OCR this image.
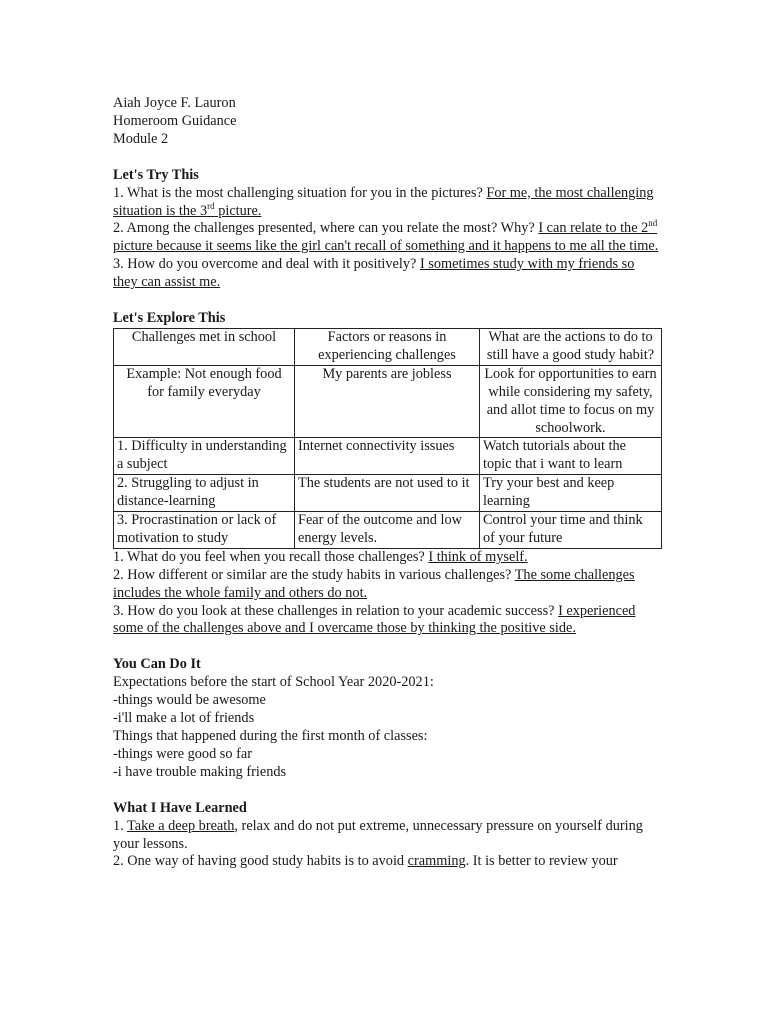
Aiah Joyce F. Lauron

Homeroom Guidance

Module 2

Let's Try This

1. What is the most challenging situation for you in the pictures? For me, the most challenging situation is the 3rd picture.

2. Among the challenges presented, where can you relate the most? Why? I can relate to the 2nd picture because it seems like the girl can't recall of something and it happens to me all the time.

3. How do you overcome and deal with it positively? I sometimes study with my friends so they can assist me.

Let's Explore This

Challenges met in school	Factors or reasons in experiencing challenges	What are the actions to do to still have a good study habit?
Example: Not enough food for family everyday	My parents are jobless	Look for opportunities to earn while considering my safety, and allot time to focus on my schoolwork.
1. Difficulty in understanding a subject	Internet connectivity issues	Watch tutorials about the topic that i want to learn
2. Struggling to adjust in distance-learning	The students are not used to it	Try your best and keep learning
3. Procrastination or lack of motivation to study	Fear of the outcome and low energy levels.	Control your time and think of your future

1. What do you feel when you recall those challenges? I think of myself.

2. How different or similar are the study habits in various challenges? The some challenges includes the whole family and others do not.

3. How do you look at these challenges in relation to your academic success? I experienced some of the challenges above and I overcame those by thinking the positive side.

You Can Do It

Expectations before the start of School Year 2020-2021:

-things would be awesome

-i'll make a lot of friends

Things that happened during the first month of classes:

-things were good so far

-i have trouble making friends

What I Have Learned

1. Take a deep breath, relax and do not put extreme, unnecessary pressure on yourself during your lessons.

2. One way of having good study habits is to avoid cramming. It is better to review your
